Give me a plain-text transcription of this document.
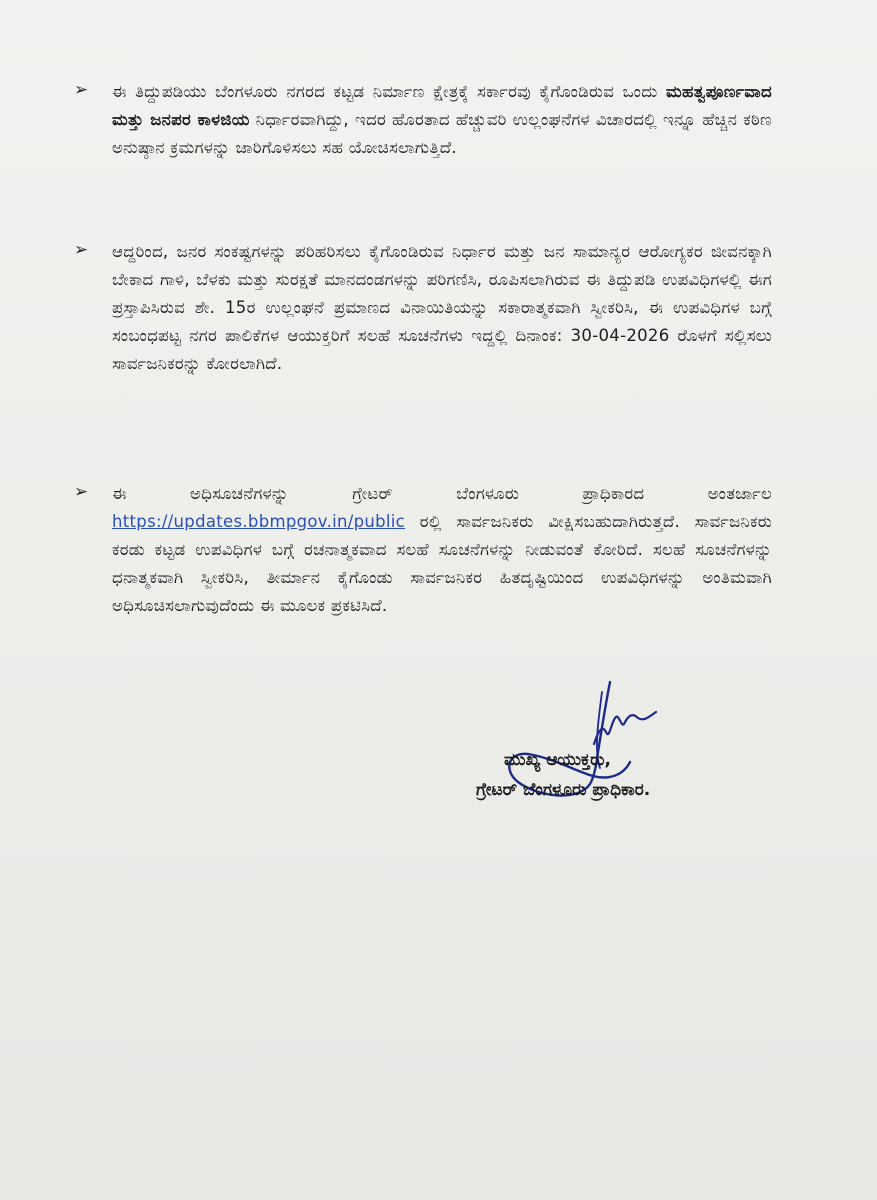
➢ ಈ ತಿದ್ದುಪಡಿಯು ಬೆಂಗಳೂರು ನಗರದ ಕಟ್ಟಡ ನಿರ್ಮಾಣ ಕ್ಷೇತ್ರಕ್ಕೆ ಸರ್ಕಾರವು ಕೈಗೊಂಡಿರುವ ಒಂದು ಮಹತ್ವಪೂರ್ಣವಾದ ಮತ್ತು ಜನಪರ ಕಾಳಜಿಯ ನಿರ್ಧಾರವಾಗಿದ್ದು, ಇದರ ಹೊರತಾದ ಹೆಚ್ಚುವರಿ ಉಲ್ಲಂಘನೆಗಳ ವಿಚಾರದಲ್ಲಿ ಇನ್ನೂ ಹೆಚ್ಚಿನ ಕಠಿಣ ಅನುಷ್ಠಾನ ಕ್ರಮಗಳನ್ನು ಜಾರಿಗೊಳಿಸಲು ಸಹ ಯೋಚಿಸಲಾಗುತ್ತಿದೆ.
➢ ಆದ್ದರಿಂದ, ಜನರ ಸಂಕಷ್ಟಗಳನ್ನು ಪರಿಹರಿಸಲು ಕೈಗೊಂಡಿರುವ ನಿರ್ಧಾರ ಮತ್ತು ಜನ ಸಾಮಾನ್ಯರ ಆರೋಗ್ಯಕರ ಜೀವನಕ್ಕಾಗಿ ಬೇಕಾದ ಗಾಳಿ, ಬೆಳಕು ಮತ್ತು ಸುರಕ್ಷತೆ ಮಾನದಂಡಗಳನ್ನು ಪರಿಗಣಿಸಿ, ರೂಪಿಸಲಾಗಿರುವ ಈ ತಿದ್ದುಪಡಿ ಉಪವಿಧಿಗಳಲ್ಲಿ ಈಗ ಪ್ರಸ್ತಾಪಿಸಿರುವ ಶೇ. 15ರ ಉಲ್ಲಂಘನೆ ಪ್ರಮಾಣದ ವಿನಾಯಿತಿಯನ್ನು ಸಕಾರಾತ್ಮಕವಾಗಿ ಸ್ವೀಕರಿಸಿ, ಈ ಉಪವಿಧಿಗಳ ಬಗ್ಗೆ ಸಂಬಂಧಪಟ್ಟ ನಗರ ಪಾಲಿಕೆಗಳ ಆಯುಕ್ತರಿಗೆ ಸಲಹೆ ಸೂಚನೆಗಳು ಇದ್ದಲ್ಲಿ ದಿನಾಂಕ: 30-04-2026 ರೊಳಗೆ ಸಲ್ಲಿಸಲು ಸಾರ್ವಜನಿಕರನ್ನು ಕೋರಲಾಗಿದೆ.
➢ ಈ ಅಧಿಸೂಚನೆಗಳನ್ನು ಗ್ರೇಟರ್ ಬೆಂಗಳೂರು ಪ್ರಾಧಿಕಾರದ ಅಂತರ್ಜಾಲ https://updates.bbmpgov.in/public ರಲ್ಲಿ ಸಾರ್ವಜನಿಕರು ವೀಕ್ಷಿಸಬಹುದಾಗಿರುತ್ತದೆ. ಸಾರ್ವಜನಿಕರು ಕರಡು ಕಟ್ಟಡ ಉಪವಿಧಿಗಳ ಬಗ್ಗೆ ರಚನಾತ್ಮಕವಾದ ಸಲಹೆ ಸೂಚನೆಗಳನ್ನು ನೀಡುವಂತೆ ಕೋರಿದೆ. ಸಲಹೆ ಸೂಚನೆಗಳನ್ನು ಧನಾತ್ಮಕವಾಗಿ ಸ್ವೀಕರಿಸಿ, ತೀರ್ಮಾನ ಕೈಗೊಂಡು ಸಾರ್ವಜನಿಕರ ಹಿತದೃಷ್ಟಿಯಿಂದ ಉಪವಿಧಿಗಳನ್ನು ಅಂತಿಮವಾಗಿ ಅಧಿಸೂಚಿಸಲಾಗುವುದೆಂದು ಈ ಮೂಲಕ ಪ್ರಕಟಿಸಿದೆ.
ಮುಖ್ಯ ಆಯುಕ್ತರು,
ಗ್ರೇಟರ್ ಬೆಂಗಳೂರು ಪ್ರಾಧಿಕಾರ.
